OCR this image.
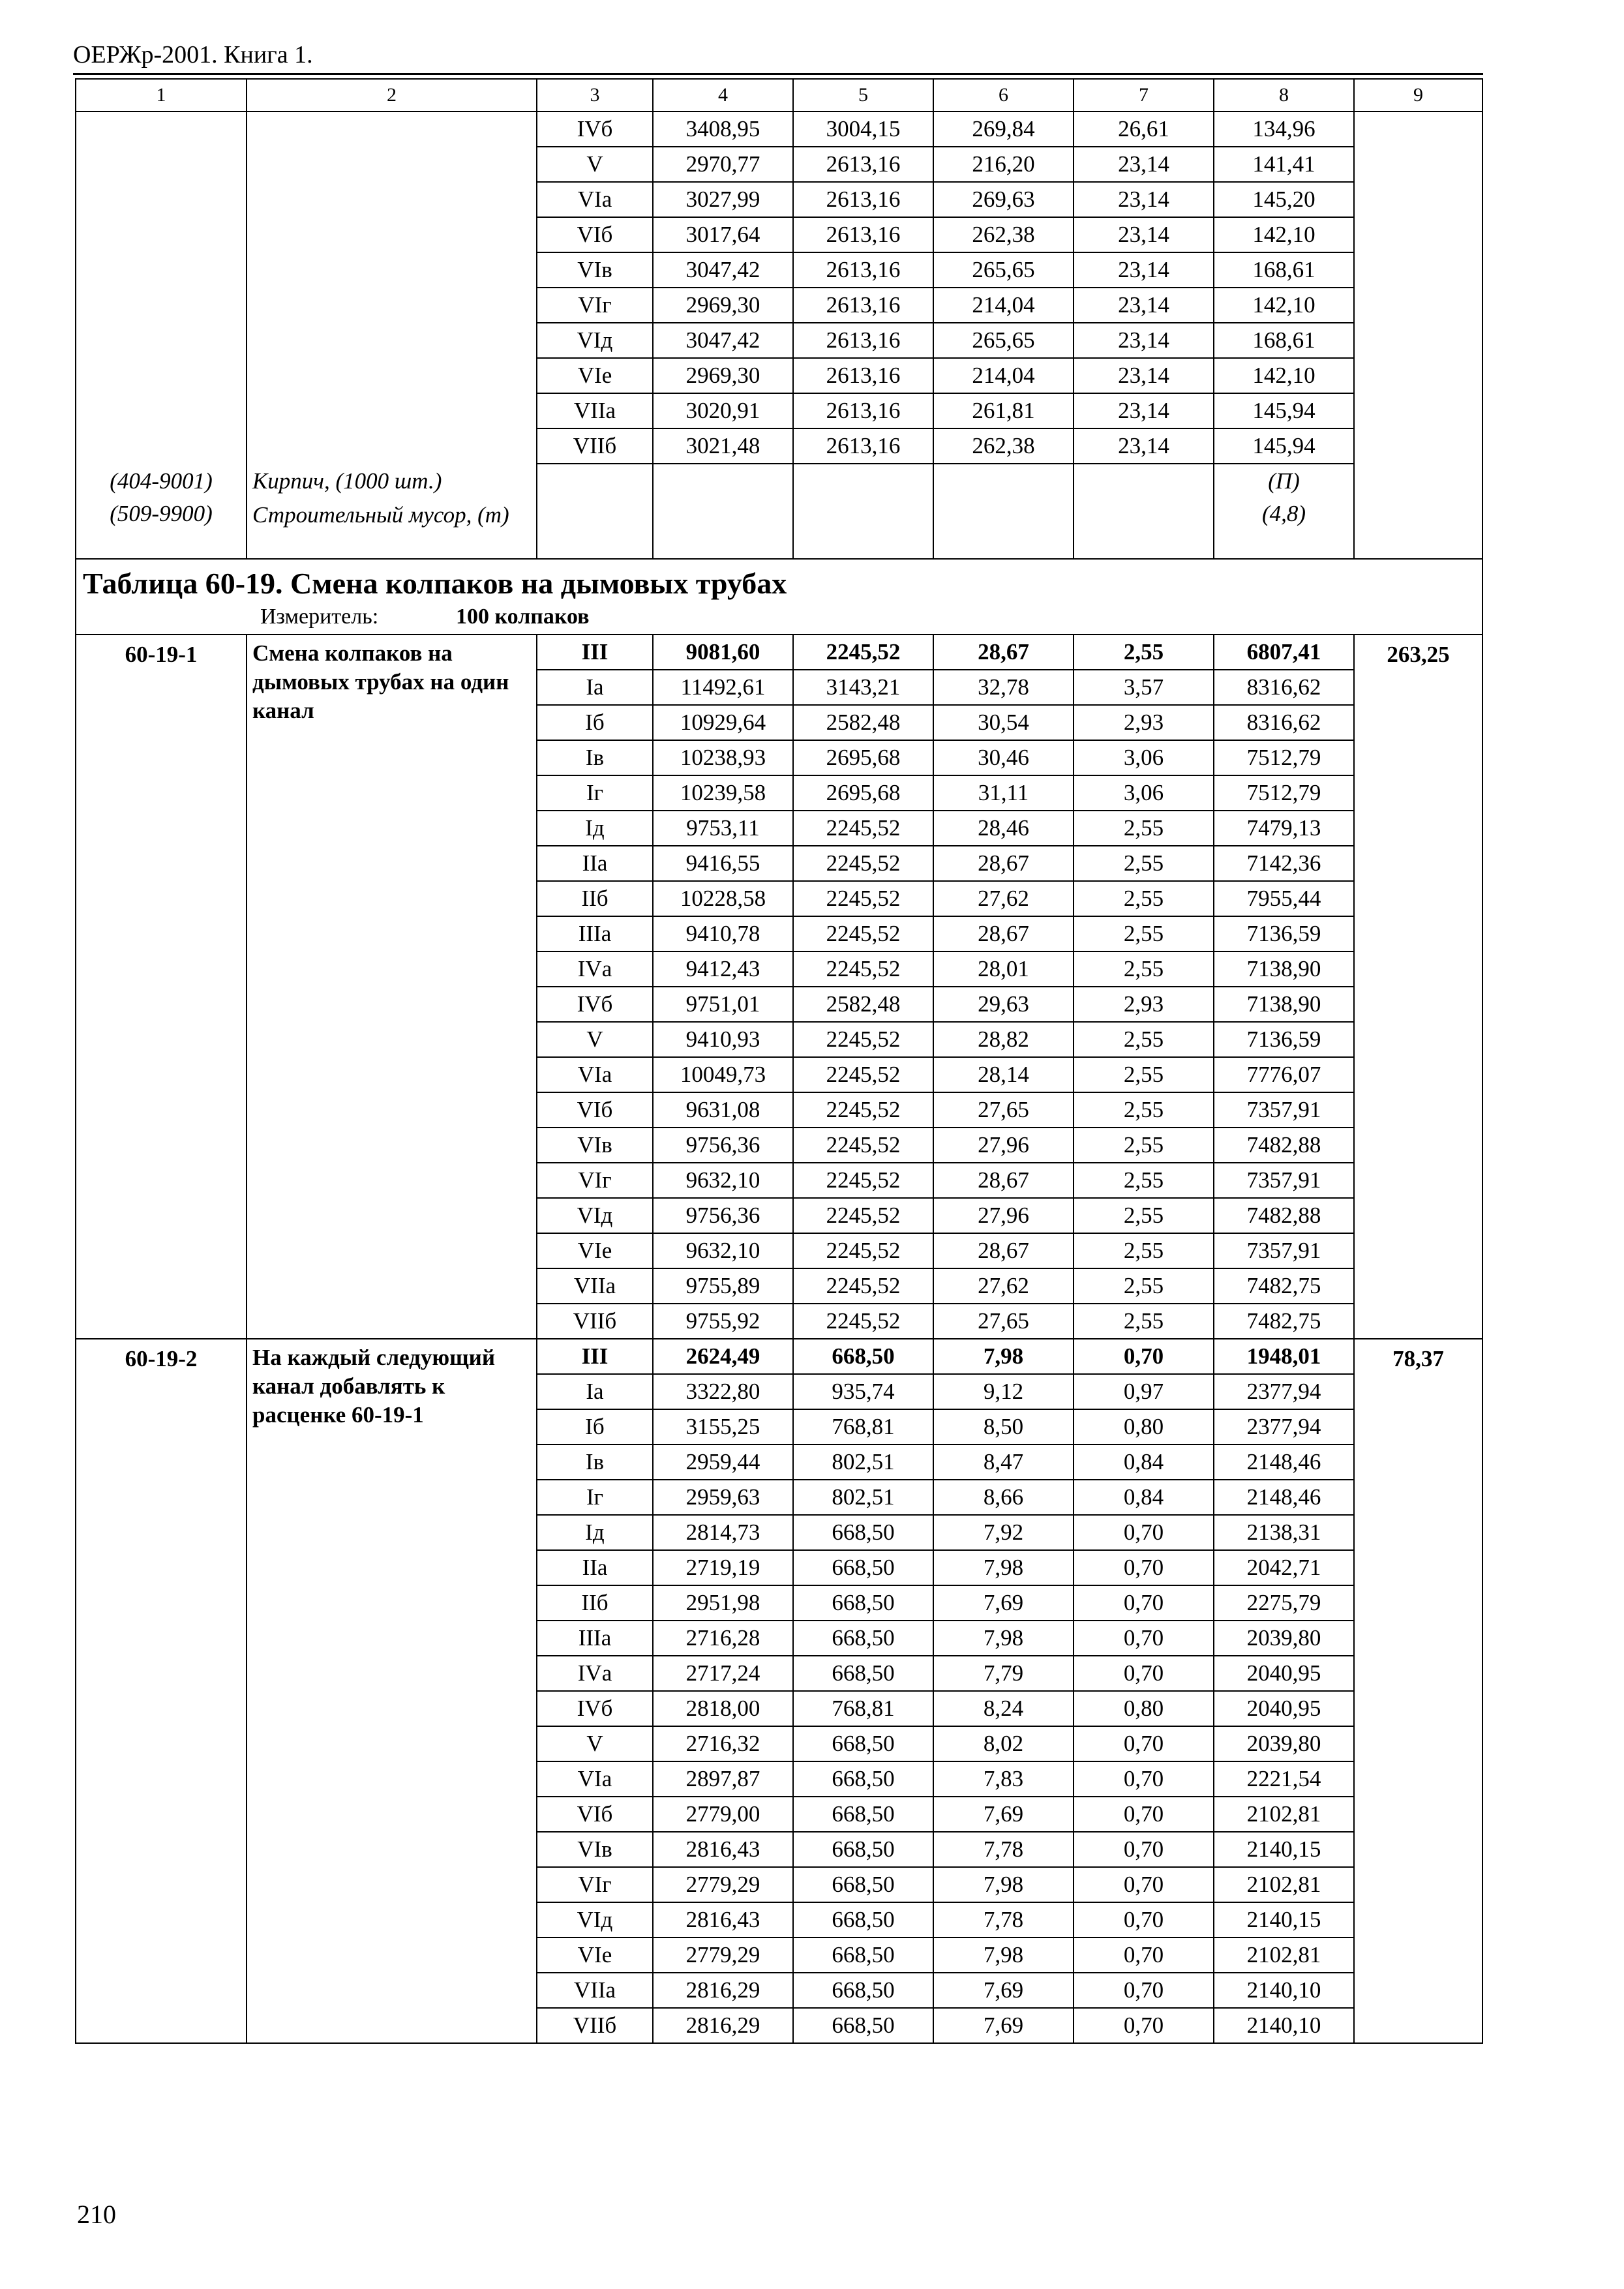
ОЕРЖр-2001. Книга 1.
1	2	3	4	5	6	7	8	9
		IVб	3408,95	3004,15	269,84	26,61	134,96	
		V	2970,77	2613,16	216,20	23,14	141,41	
		VIа	3027,99	2613,16	269,63	23,14	145,20	
		VIб	3017,64	2613,16	262,38	23,14	142,10	
		VIв	3047,42	2613,16	265,65	23,14	168,61	
		VIг	2969,30	2613,16	214,04	23,14	142,10	
		VIд	3047,42	2613,16	265,65	23,14	168,61	
		VIе	2969,30	2613,16	214,04	23,14	142,10	
		VIIа	3020,91	2613,16	261,81	23,14	145,94	
		VIIб	3021,48	2613,16	262,38	23,14	145,94	
(404-9001)	Кирпич, (1000 шт.)						(П)	
(509-9900)	Строительный мусор, (т)						(4,8)	

Таблица 60-19. Смена колпаков на дымовых трубах
Измеритель: 100 колпаков								

60-19-1	Смена колпаков на дымовых трубах на один канал	III	9081,60	2245,52	28,67	2,55	6807,41	263,25
		Iа	11492,61	3143,21	32,78	3,57	8316,62	
		Iб	10929,64	2582,48	30,54	2,93	8316,62	
		Iв	10238,93	2695,68	30,46	3,06	7512,79	
		Iг	10239,58	2695,68	31,11	3,06	7512,79	
		Iд	9753,11	2245,52	28,46	2,55	7479,13	
		IIа	9416,55	2245,52	28,67	2,55	7142,36	
		IIб	10228,58	2245,52	27,62	2,55	7955,44	
		IIIа	9410,78	2245,52	28,67	2,55	7136,59	
		IVа	9412,43	2245,52	28,01	2,55	7138,90	
		IVб	9751,01	2582,48	29,63	2,93	7138,90	
		V	9410,93	2245,52	28,82	2,55	7136,59	
		VIа	10049,73	2245,52	28,14	2,55	7776,07	
		VIб	9631,08	2245,52	27,65	2,55	7357,91	
		VIв	9756,36	2245,52	27,96	2,55	7482,88	
		VIг	9632,10	2245,52	28,67	2,55	7357,91	
		VIд	9756,36	2245,52	27,96	2,55	7482,88	
		VIе	9632,10	2245,52	28,67	2,55	7357,91	
		VIIа	9755,89	2245,52	27,62	2,55	7482,75	
		VIIб	9755,92	2245,52	27,65	2,55	7482,75	
60-19-2	На каждый следующий канал добавлять к расценке 60-19-1	III	2624,49	668,50	7,98	0,70	1948,01	78,37
		Iа	3322,80	935,74	9,12	0,97	2377,94	
		Iб	3155,25	768,81	8,50	0,80	2377,94	
		Iв	2959,44	802,51	8,47	0,84	2148,46	
		Iг	2959,63	802,51	8,66	0,84	2148,46	
		Iд	2814,73	668,50	7,92	0,70	2138,31	
		IIа	2719,19	668,50	7,98	0,70	2042,71	
		IIб	2951,98	668,50	7,69	0,70	2275,79	
		IIIа	2716,28	668,50	7,98	0,70	2039,80	
		IVа	2717,24	668,50	7,79	0,70	2040,95	
		IVб	2818,00	768,81	8,24	0,80	2040,95	
		V	2716,32	668,50	8,02	0,70	2039,80	
		VIа	2897,87	668,50	7,83	0,70	2221,54	
		VIб	2779,00	668,50	7,69	0,70	2102,81	
		VIв	2816,43	668,50	7,78	0,70	2140,15	
		VIг	2779,29	668,50	7,98	0,70	2102,81	
		VIд	2816,43	668,50	7,78	0,70	2140,15	
		VIе	2779,29	668,50	7,98	0,70	2102,81	
		VIIа	2816,29	668,50	7,69	0,70	2140,10	
		VIIб	2816,29	668,50	7,69	0,70	2140,10	
210
